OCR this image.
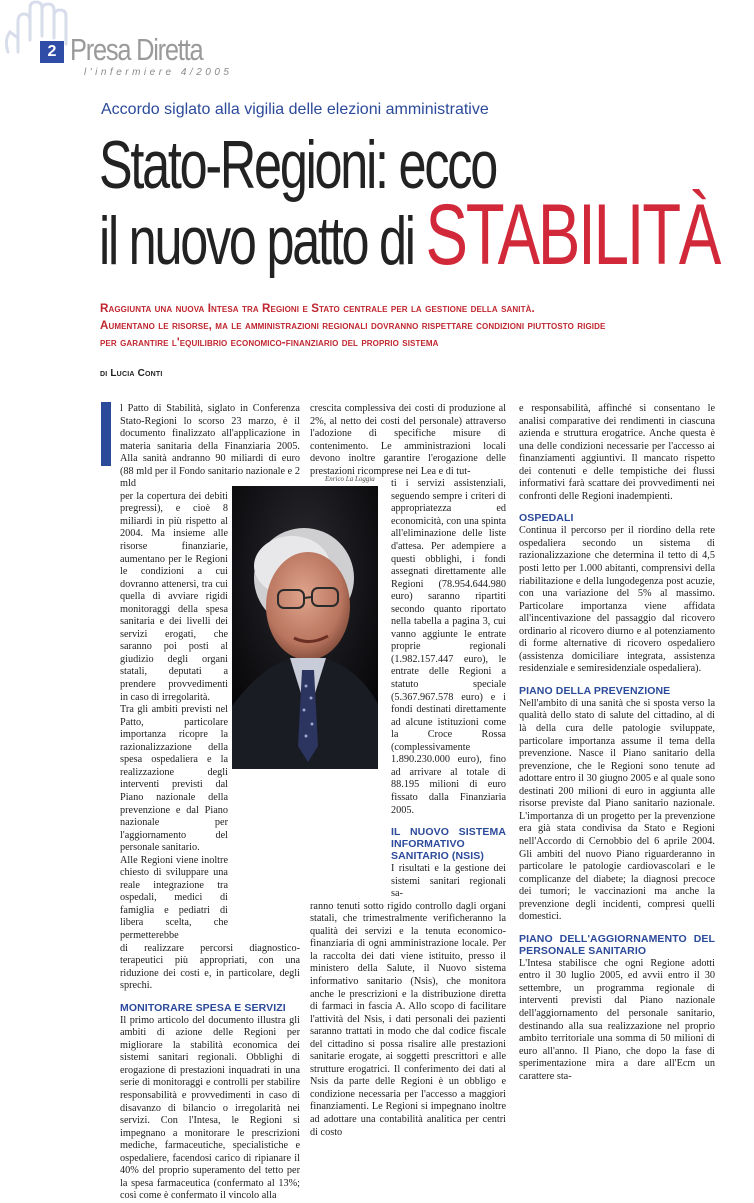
2 Presa Diretta
l'infermiere 4/2005
Accordo siglato alla vigilia delle elezioni amministrative
Stato-Regioni: ecco
il nuovo patto di STABILITÀ
Raggiunta una nuova Intesa tra Regioni e Stato centrale per la gestione della sanità.
Aumentano le risorse, ma le amministrazioni regionali dovranno rispettare condizioni piuttosto rigide
per garantire l'equilibrio economico-finanziario del proprio sistema
di Lucia Conti

l Patto di Stabilità, siglato in Conferenza Stato-Regioni lo scorso 23 marzo, è il documento finalizzato all'applicazione in materia sanitaria della Finanziaria 2005. Alla sanità andranno 90 miliardi di euro (88 mld per il Fondo sanitario nazionale e 2 mld

per la copertura dei debiti pregressi), e cioè 8 miliardi in più rispetto al 2004. Ma insieme alle risorse finanziarie, aumentano per le Regioni le condizioni a cui dovranno attenersi, tra cui quella di avviare rigidi monitoraggi della spesa sanitaria e dei livelli dei servizi erogati, che saranno poi posti al giudizio degli organi statali, deputati a prendere provvedimenti in caso di irregolarità.

Tra gli ambiti previsti nel Patto, particolare importanza ricopre la razionalizzazione della spesa ospedaliera e la realizzazione degli interventi previsti dal Piano nazionale della prevenzione e dal Piano nazionale per l'aggiornamento del personale sanitario.

Alle Regioni viene inoltre chiesto di sviluppare una reale integrazione tra ospedali, medici di famiglia e pediatri di libera scelta, che permetterebbe

di realizzare percorsi diagnostico-terapeutici più appropriati, con una riduzione dei costi e, in particolare, degli sprechi.

MONITORARE SPESA E SERVIZI

Il primo articolo del documento illustra gli ambiti di azione delle Regioni per migliorare la stabilità economica dei sistemi sanitari regionali. Obblighi di erogazione di prestazioni inquadrati in una serie di monitoraggi e controlli per stabilire responsabilità e provvedimenti in caso di disavanzo di bilancio o irregolarità nei servizi. Con l'Intesa, le Regioni si impegnano a monitorare le prescrizioni mediche, farmaceutiche, specialistiche e ospedaliere, facendosi carico di ripianare il 40% del proprio superamento del tetto per la spesa farmaceutica (confermato al 13%; così come è confermato il vincolo alla

crescita complessiva dei costi di produzione al 2%, al netto dei costi del personale) attraverso l'adozione di specifiche misure di contenimento. Le amministrazioni locali devono inoltre garantire l'erogazione delle prestazioni ricomprese nei Lea e di tut-

ti i servizi assistenziali, seguendo sempre i criteri di appropriatezza ed economicità, con una spinta all'eliminazione delle liste d'attesa. Per adempiere a questi obblighi, i fondi assegnati direttamente alle Regioni (78.954.644.980 euro) saranno ripartiti secondo quanto riportato nella tabella a pagina 3, cui vanno aggiunte le entrate proprie regionali (1.982.157.447 euro), le entrate delle Regioni a statuto speciale (5.367.967.578 euro) e i fondi destinati direttamente ad alcune istituzioni come la Croce Rossa (complessivamente 1.890.230.000 euro), fino ad arrivare al totale di 88.195 milioni di euro fissato dalla Finanziaria 2005.

IL NUOVO SISTEMA INFORMATIVO SANITARIO (NSIS)

I risultati e la gestione dei sistemi sanitari regionali sa-

ranno tenuti sotto rigido controllo dagli organi statali, che trimestralmente verificheranno la qualità dei servizi e la tenuta economico-finanziaria di ogni amministrazione locale. Per la raccolta dei dati viene istituito, presso il ministero della Salute, il Nuovo sistema informativo sanitario (Nsis), che monitora anche le prescrizioni e la distribuzione diretta di farmaci in fascia A. Allo scopo di facilitare l'attività del Nsis, i dati personali dei pazienti saranno trattati in modo che dal codice fiscale del cittadino si possa risalire alle prestazioni sanitarie erogate, ai soggetti prescrittori e alle strutture erogatrici. Il conferimento dei dati al Nsis da parte delle Regioni è un obbligo e condizione necessaria per l'accesso a maggiori finanziamenti. Le Regioni si impegnano inoltre ad adottare una contabilità analitica per centri di costo

e responsabilità, affinché si consentano le analisi comparative dei rendimenti in ciascuna azienda e struttura erogatrice. Anche questa è una delle condizioni necessarie per l'accesso ai finanziamenti aggiuntivi. Il mancato rispetto dei contenuti e delle tempistiche dei flussi informativi farà scattare dei provvedimenti nei confronti delle Regioni inadempienti.

OSPEDALI

Continua il percorso per il riordino della rete ospedaliera secondo un sistema di razionalizzazione che determina il tetto di 4,5 posti letto per 1.000 abitanti, comprensivi della riabilitazione e della lungodegenza post acuzie, con una variazione del 5% al massimo. Particolare importanza viene affidata all'incentivazione del passaggio dal ricovero ordinario al ricovero diurno e al potenziamento di forme alternative di ricovero ospedaliero (assistenza domiciliare integrata, assistenza residenziale e semiresidenziale ospedaliera).

PIANO DELLA PREVENZIONE

Nell'ambito di una sanità che si sposta verso la qualità dello stato di salute del cittadino, al di là della cura delle patologie sviluppate, particolare importanza assume il tema della prevenzione. Nasce il Piano sanitario della prevenzione, che le Regioni sono tenute ad adottare entro il 30 giugno 2005 e al quale sono destinati 200 milioni di euro in aggiunta alle risorse previste dal Piano sanitario nazionale. L'importanza di un progetto per la prevenzione era già stata condivisa da Stato e Regioni nell'Accordo di Cernobbio del 6 aprile 2004. Gli ambiti del nuovo Piano riguarderanno in particolare le patologie cardiovascolari e le complicanze del diabete; la diagnosi precoce dei tumori; le vaccinazioni ma anche la prevenzione degli incidenti, compresi quelli domestici.

PIANO DELL'AGGIORNAMENTO DEL PERSONALE SANITARIO

L'Intesa stabilisce che ogni Regione adotti entro il 30 luglio 2005, ed avvii entro il 30 settembre, un programma regionale di interventi previsti dal Piano nazionale dell'aggiornamento del personale sanitario, destinando alla sua realizzazione nel proprio ambito territoriale una somma di 50 milioni di euro all'anno. Il Piano, che dopo la fase di sperimentazione mira a dare all'Ecm un carattere sta-

Enrico La Loggia
